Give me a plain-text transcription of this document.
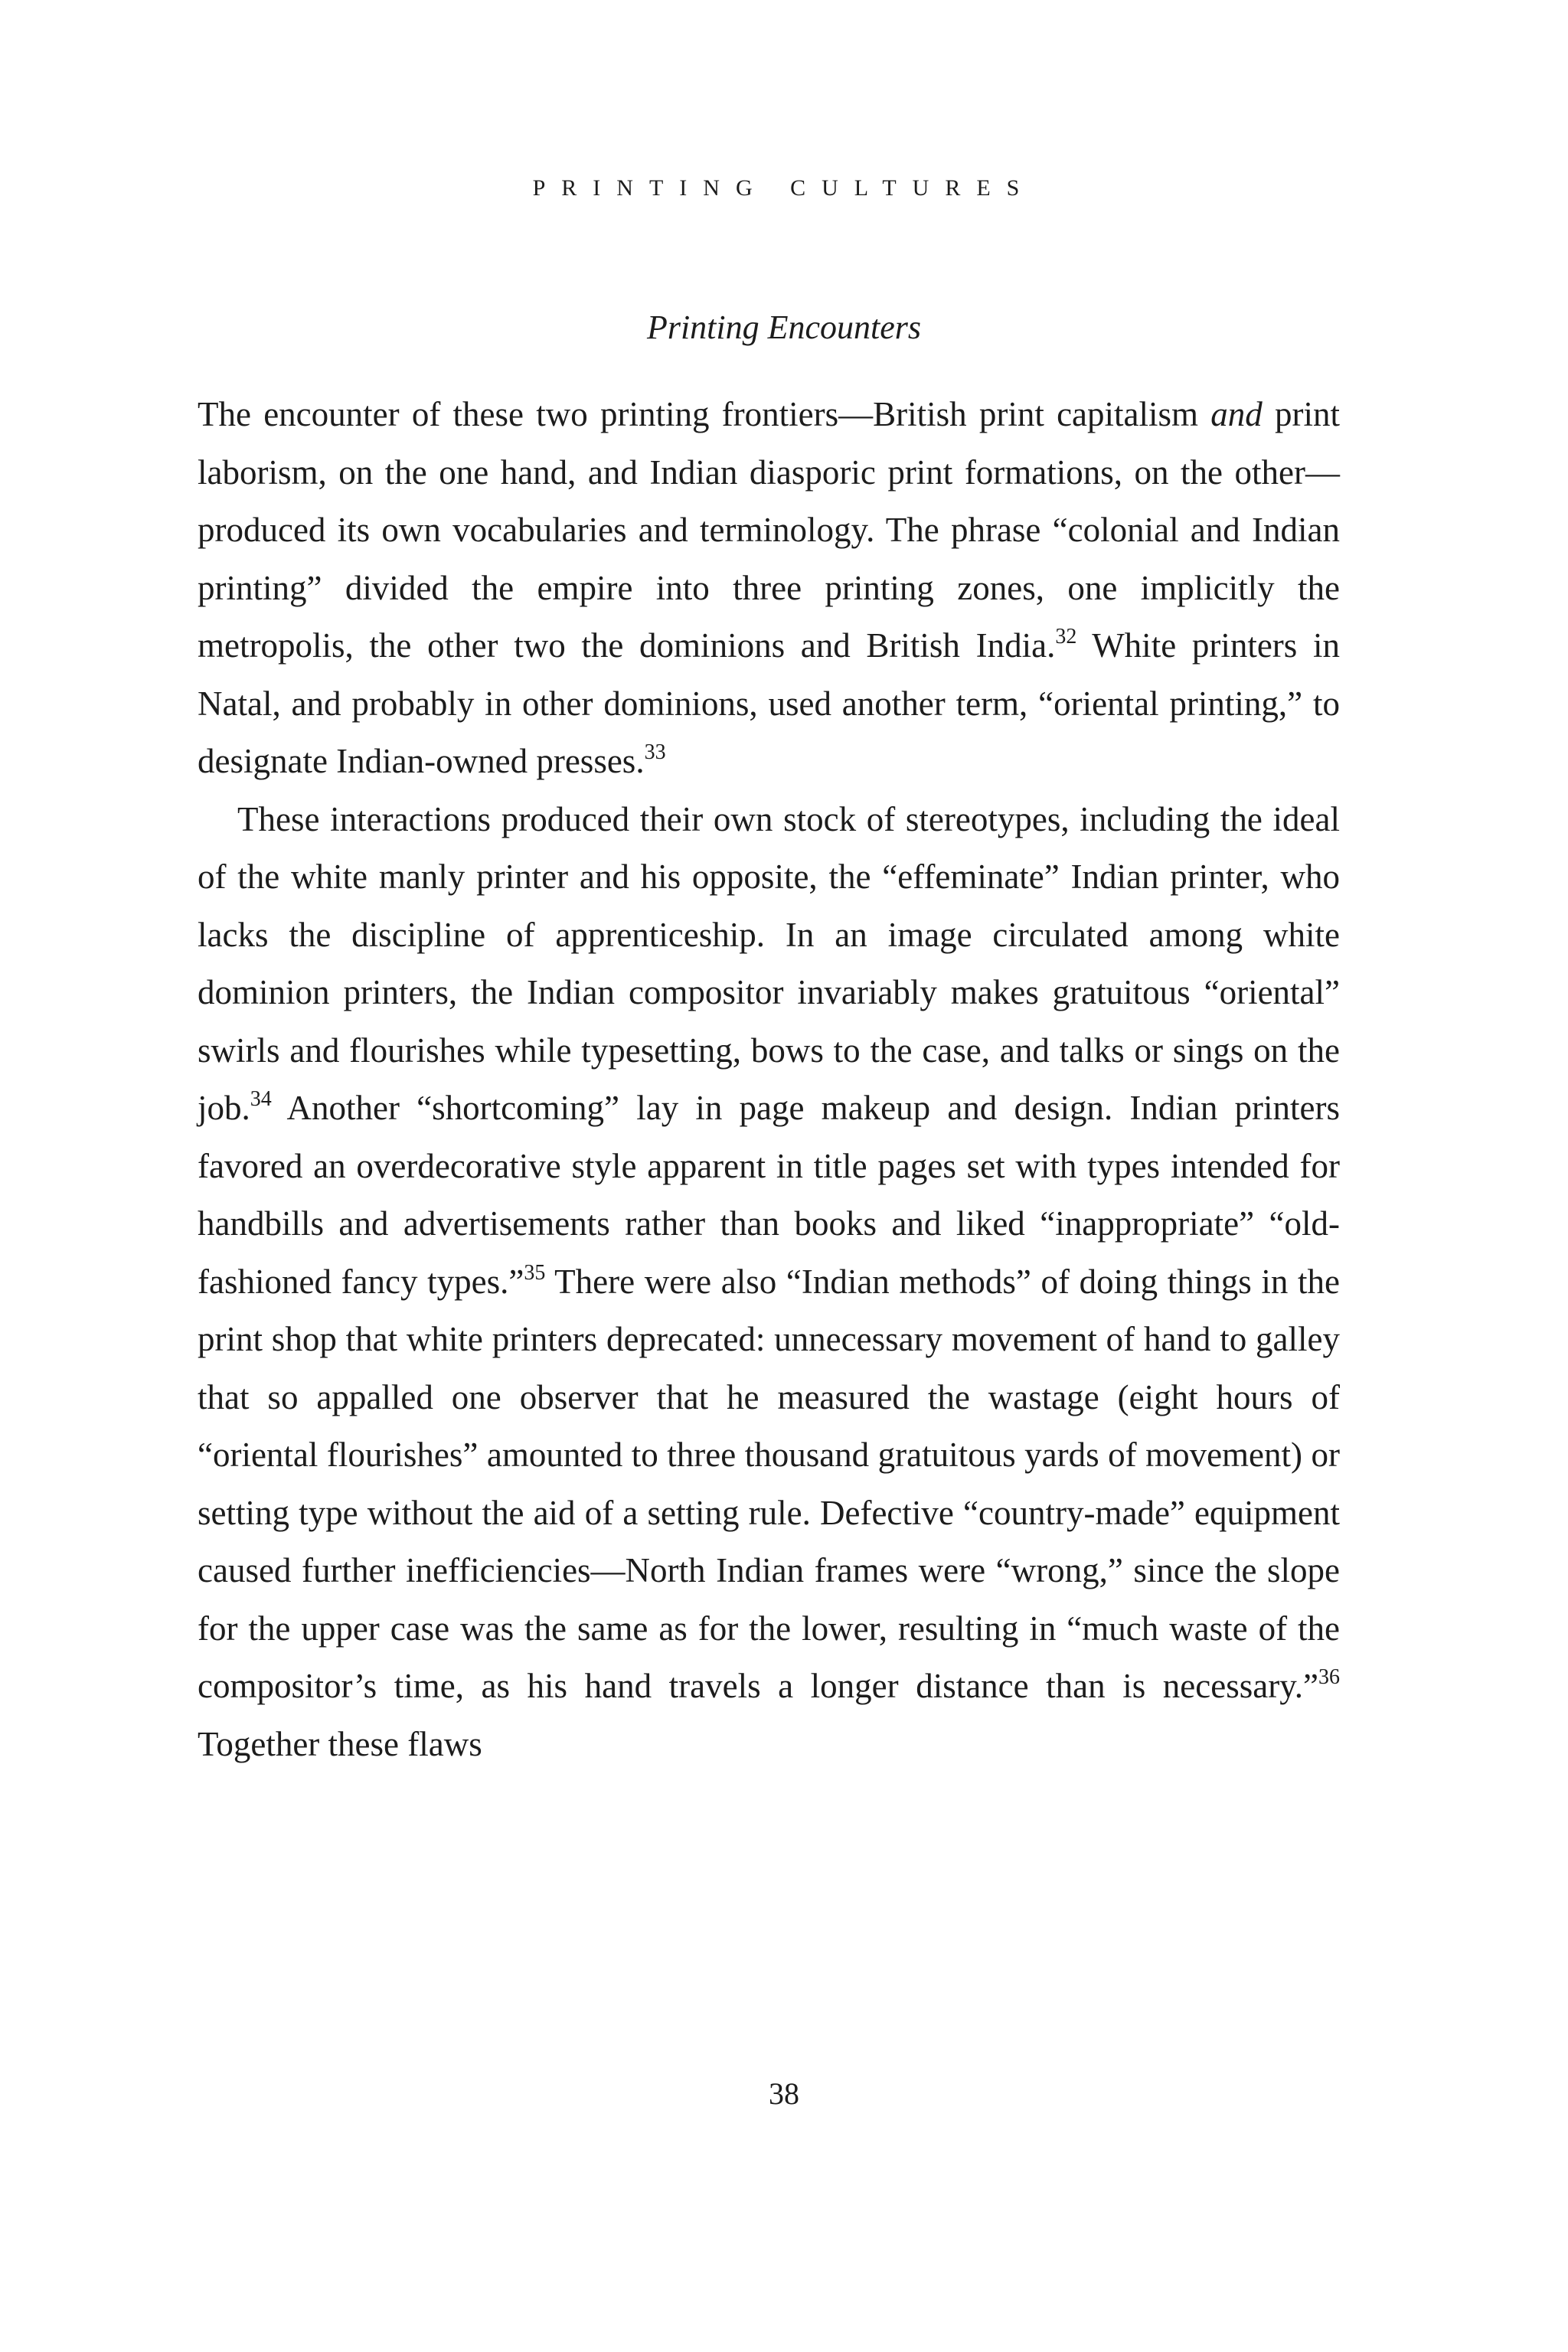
PRINTING CULTURES
Printing Encounters

The encounter of these two printing frontiers—British print capitalism and print laborism, on the one hand, and Indian diasporic print formations, on the other—produced its own vocabularies and terminology. The phrase “colonial and Indian printing” divided the empire into three printing zones, one implicitly the metropolis, the other two the dominions and British India.$^{32}$ White printers in Natal, and probably in other dominions, used another term, “oriental printing,” to designate Indian-owned presses.$^{33}$

These interactions produced their own stock of stereotypes, including the ideal of the white manly printer and his opposite, the “effeminate” Indian printer, who lacks the discipline of apprenticeship. In an image circulated among white dominion printers, the Indian compositor invariably makes gratuitous “oriental” swirls and flourishes while typesetting, bows to the case, and talks or sings on the job.$^{34}$ Another “shortcoming” lay in page makeup and design. Indian printers favored an overdecorative style apparent in title pages set with types intended for handbills and advertisements rather than books and liked “inappropriate” “old-fashioned fancy types.”$^{35}$ There were also “Indian methods” of doing things in the print shop that white printers deprecated: unnecessary movement of hand to galley that so appalled one observer that he measured the wastage (eight hours of “oriental flourishes” amounted to three thousand gratuitous yards of movement) or setting type without the aid of a setting rule. Defective “country-made” equipment caused further inefficiencies—North Indian frames were “wrong,” since the slope for the upper case was the same as for the lower, resulting in “much waste of the compositor’s time, as his hand travels a longer distance than is necessary.”$^{36}$ Together these flaws

38
